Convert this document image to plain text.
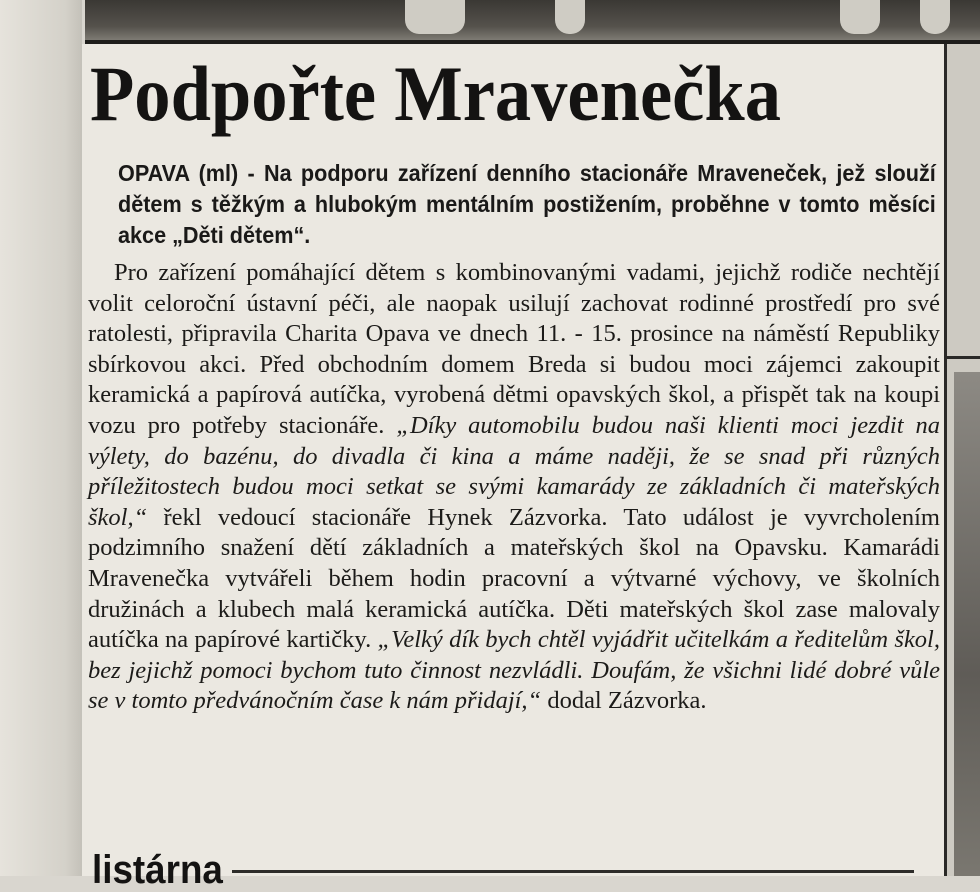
Podpořte Mravenečka

OPAVA (ml) - Na podporu zařízení denního stacionáře Mraveneček, jež slouží dětem s těžkým a hlubokým mentálním postižením, proběhne v tomto měsíci akce „Děti dětem“.

Pro zařízení pomáhající dětem s kombinovanými vadami, jejichž rodiče nechtějí volit celoroční ústavní péči, ale naopak usilují zachovat rodinné prostředí pro své ratolesti, připravila Charita Opava ve dnech 11. - 15. prosince na náměstí Republiky sbírkovou akci. Před obchodním domem Breda si budou moci zájemci zakoupit keramická a papírová autíčka, vyrobená dětmi opavských škol, a přispět tak na koupi vozu pro potřeby stacionáře. „Díky automobilu budou naši klienti moci jezdit na výlety, do bazénu, do divadla či kina a máme naději, že se snad při různých příležitostech budou moci setkat se svými kamarády ze základních či mateřských škol,“ řekl vedoucí stacionáře Hynek Zázvorka. Tato událost je vyvrcholením podzimního snažení dětí základních a mateřských škol na Opavsku. Kamarádi Mravenečka vytvářeli během hodin pracovní a výtvarné výchovy, ve školních družinách a klubech malá keramická autíčka. Děti mateřských škol zase malovaly autíčka na papírové kartičky. „Velký dík bych chtěl vyjádřit učitelkám a ředitelům škol, bez jejichž pomoci bychom tuto činnost nezvládli. Doufám, že všichni lidé dobré vůle se v tomto předvánočním čase k nám přidají,“ dodal Zázvorka.

listárna
